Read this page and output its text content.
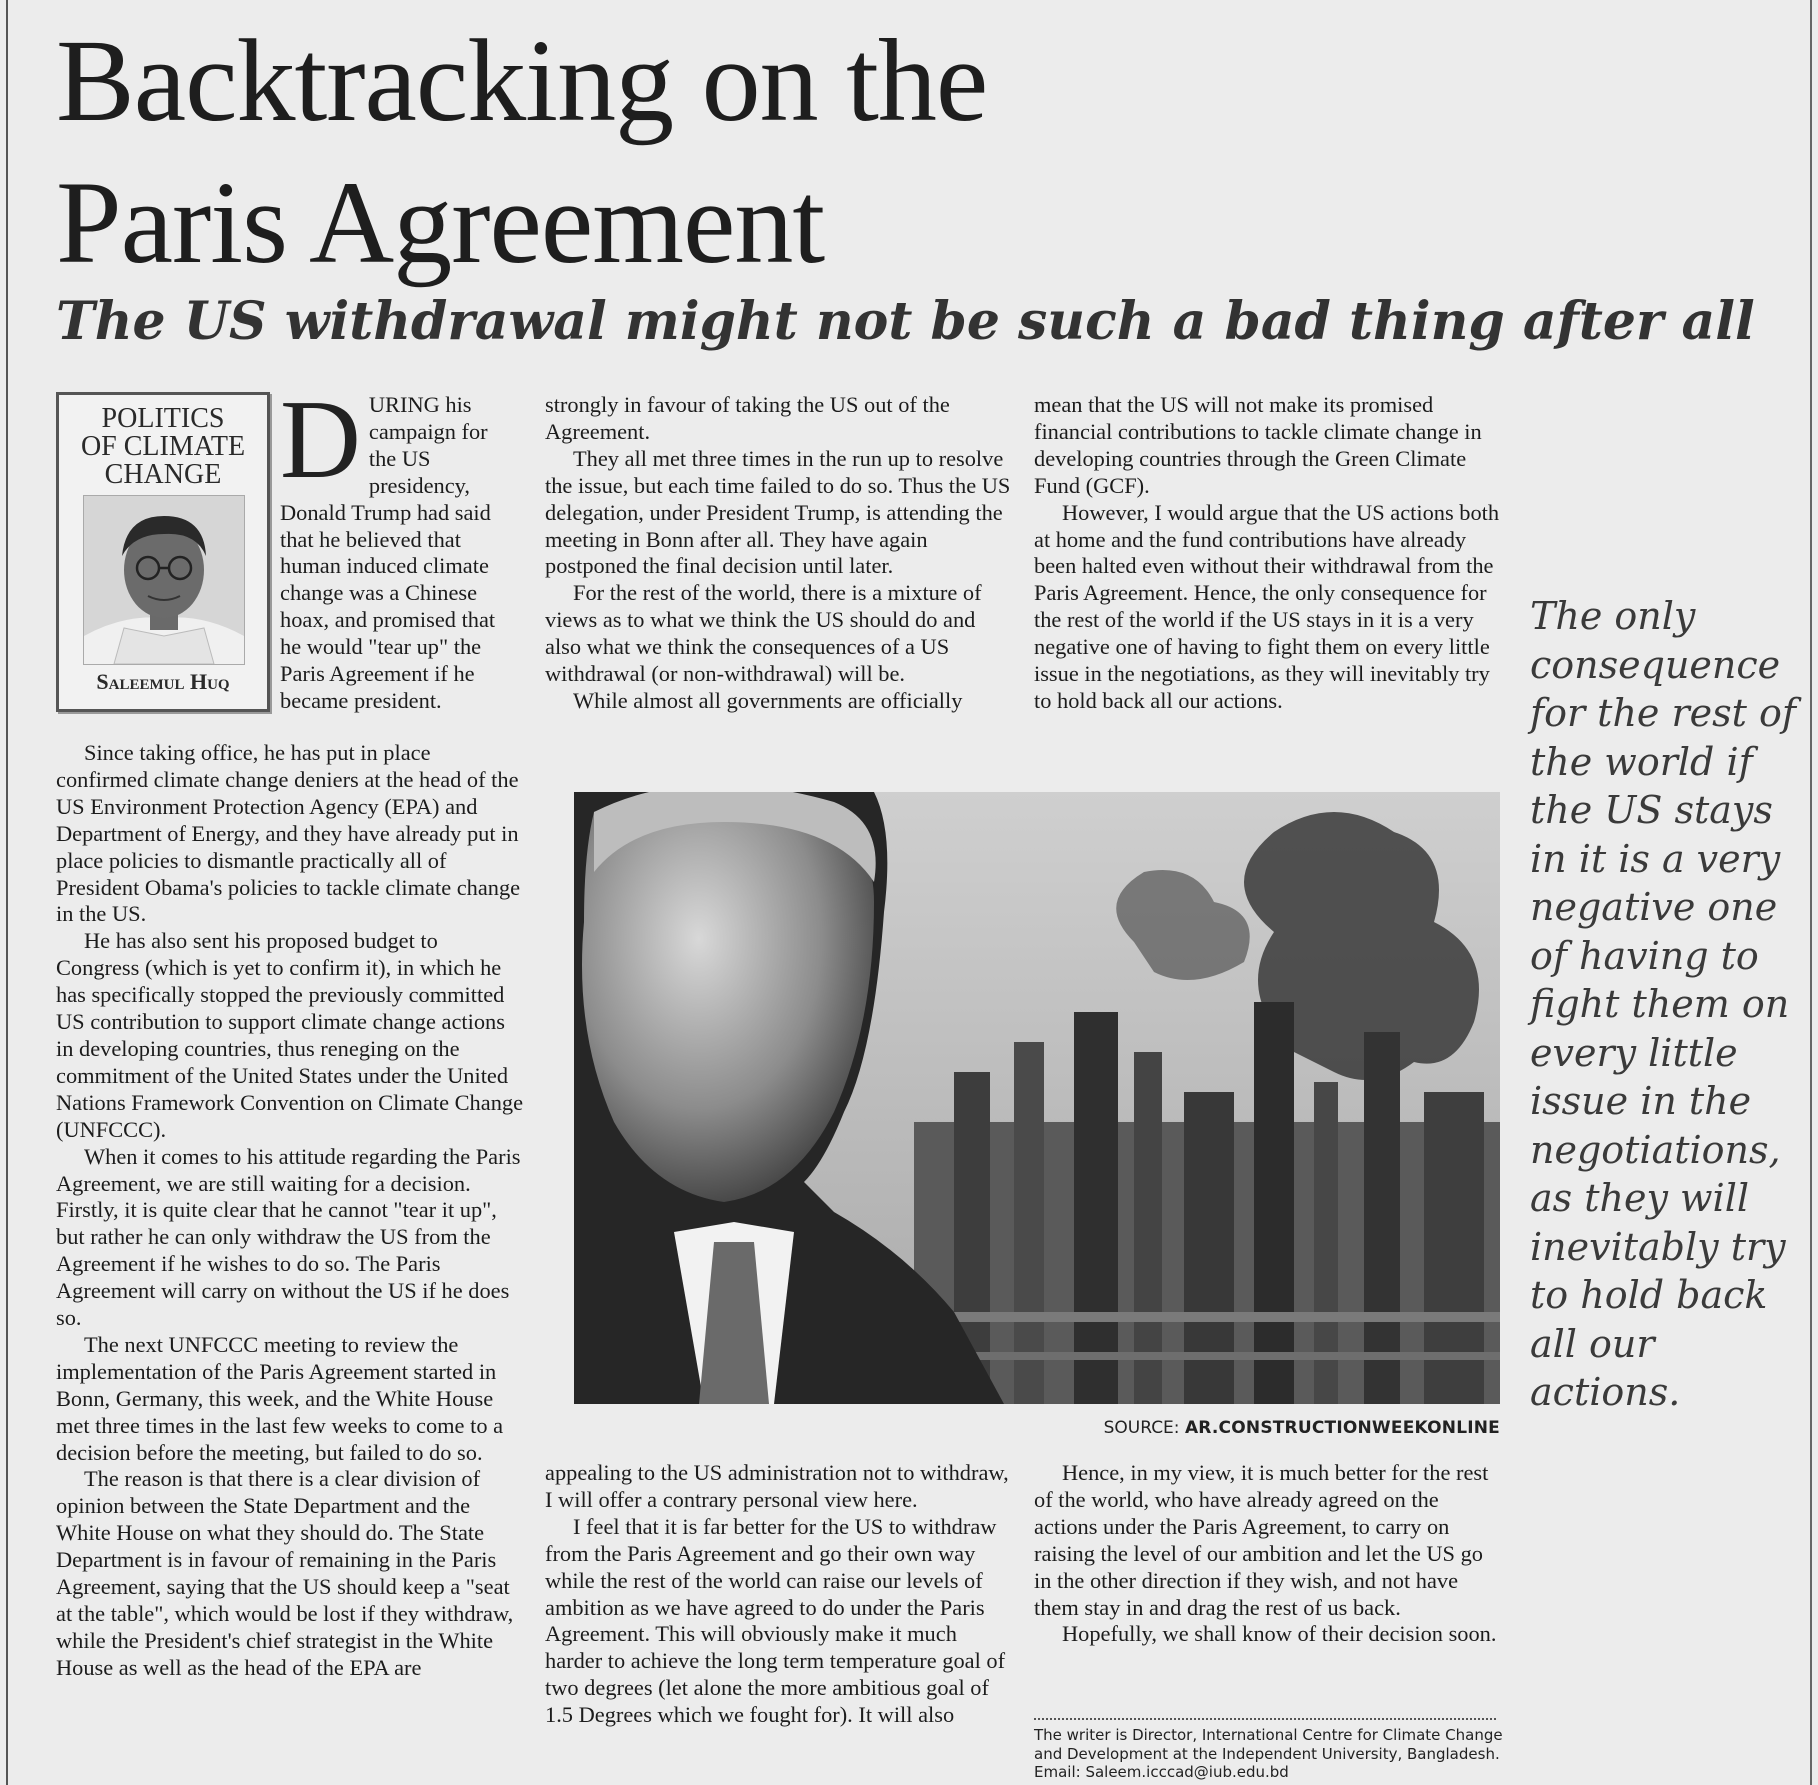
Backtracking on the
Paris Agreement
The US withdrawal might not be such a bad thing after all
POLITICS
OF CLIMATE
CHANGE
Saleemul Huq

DURING his campaign for the US presidency, Donald Trump had said that he believed that human induced climate change was a Chinese hoax, and promised that he would "tear up" the Paris Agreement if he became president.

Since taking office, he has put in place confirmed climate change deniers at the head of the US Environment Protection Agency (EPA) and Department of Energy, and they have already put in place policies to dismantle practically all of President Obama's policies to tackle climate change in the US.

He has also sent his proposed budget to Congress (which is yet to confirm it), in which he has specifically stopped the previously committed US contribution to support climate change actions in developing countries, thus reneging on the commitment of the United States under the United Nations Framework Convention on Climate Change (UNFCCC).

When it comes to his attitude regarding the Paris Agreement, we are still waiting for a decision. Firstly, it is quite clear that he cannot "tear it up", but rather he can only withdraw the US from the Agreement if he wishes to do so. The Paris Agreement will carry on without the US if he does so.

The next UNFCCC meeting to review the implementation of the Paris Agreement started in Bonn, Germany, this week, and the White House met three times in the last few weeks to come to a decision before the meeting, but failed to do so.

The reason is that there is a clear division of opinion between the State Department and the White House on what they should do. The State Department is in favour of remaining in the Paris Agreement, saying that the US should keep a "seat at the table", which would be lost if they withdraw, while the President's chief strategist in the White House as well as the head of the EPA are

strongly in favour of taking the US out of the Agreement.

They all met three times in the run up to resolve the issue, but each time failed to do so. Thus the US delegation, under President Trump, is attending the meeting in Bonn after all. They have again postponed the final decision until later.

For the rest of the world, there is a mixture of views as to what we think the US should do and also what we think the consequences of a US withdrawal (or non-withdrawal) will be.

While almost all governments are officially

mean that the US will not make its promised financial contributions to tackle climate change in developing countries through the Green Climate Fund (GCF).

However, I would argue that the US actions both at home and the fund contributions have already been halted even without their withdrawal from the Paris Agreement. Hence, the only consequence for the rest of the world if the US stays in it is a very negative one of having to fight them on every little issue in the negotiations, as they will inevitably try to hold back all our actions.

SOURCE: AR.CONSTRUCTIONWEEKONLINE

appealing to the US administration not to withdraw, I will offer a contrary personal view here.

I feel that it is far better for the US to withdraw from the Paris Agreement and go their own way while the rest of the world can raise our levels of ambition as we have agreed to do under the Paris Agreement. This will obviously make it much harder to achieve the long term temperature goal of two degrees (let alone the more ambitious goal of 1.5 Degrees which we fought for). It will also

Hence, in my view, it is much better for the rest of the world, who have already agreed on the actions under the Paris Agreement, to carry on raising the level of our ambition and let the US go in the other direction if they wish, and not have them stay in and drag the rest of us back.

Hopefully, we shall know of their decision soon.

The only consequence for the rest of the world if the US stays in it is a very negative one of having to fight them on every little issue in the negotiations, as they will inevitably try to hold back all our actions.
The writer is Director, International Centre for Climate Change and Development at the Independent University, Bangladesh. Email: Saleem.icccad@iub.edu.bd
